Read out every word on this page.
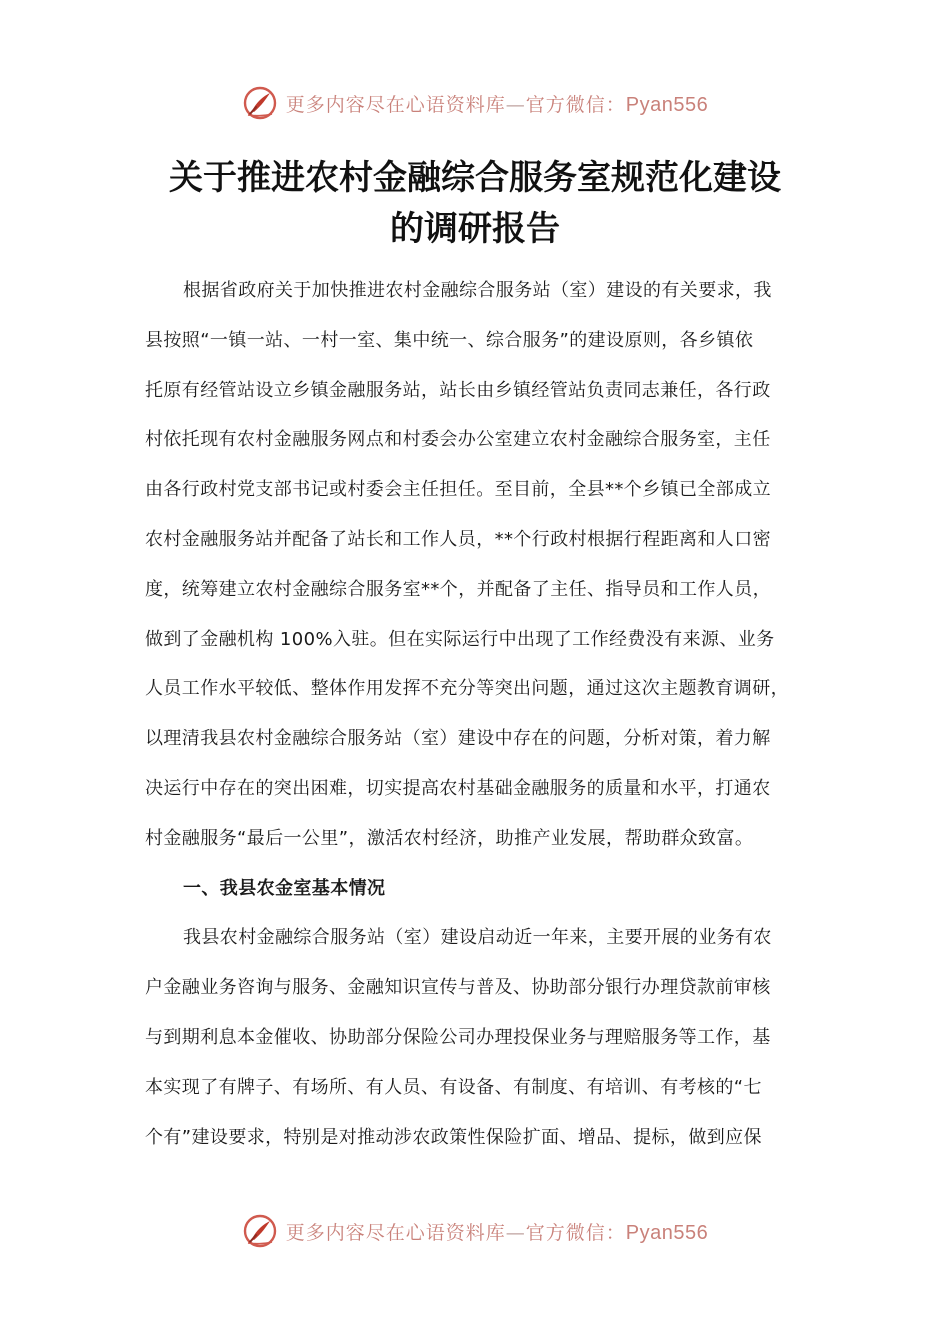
更多内容尽在心语资料库—官方微信：Pyan556
关于推进农村金融综合服务室规范化建设
的调研报告
根据省政府关于加快推进农村金融综合服务站（室）建设的有关要求，我
县按照“一镇一站、一村一室、集中统一、综合服务”的建设原则，各乡镇依
托原有经管站设立乡镇金融服务站，站长由乡镇经管站负责同志兼任，各行政
村依托现有农村金融服务网点和村委会办公室建立农村金融综合服务室，主任
由各行政村党支部书记或村委会主任担任。至目前，全县**个乡镇已全部成立
农村金融服务站并配备了站长和工作人员，**个行政村根据行程距离和人口密
度，统筹建立农村金融综合服务室**个，并配备了主任、指导员和工作人员，
做到了金融机构 100%入驻。但在实际运行中出现了工作经费没有来源、业务
人员工作水平较低、整体作用发挥不充分等突出问题，通过这次主题教育调研，
以理清我县农村金融综合服务站（室）建设中存在的问题，分析对策，着力解
决运行中存在的突出困难，切实提高农村基础金融服务的质量和水平，打通农
村金融服务“最后一公里”，激活农村经济，助推产业发展，帮助群众致富。
一、我县农金室基本情况
我县农村金融综合服务站（室）建设启动近一年来，主要开展的业务有农
户金融业务咨询与服务、金融知识宣传与普及、协助部分银行办理贷款前审核
与到期利息本金催收、协助部分保险公司办理投保业务与理赔服务等工作，基
本实现了有牌子、有场所、有人员、有设备、有制度、有培训、有考核的“七
个有”建设要求，特别是对推动涉农政策性保险扩面、增品、提标，做到应保
更多内容尽在心语资料库—官方微信：Pyan556
